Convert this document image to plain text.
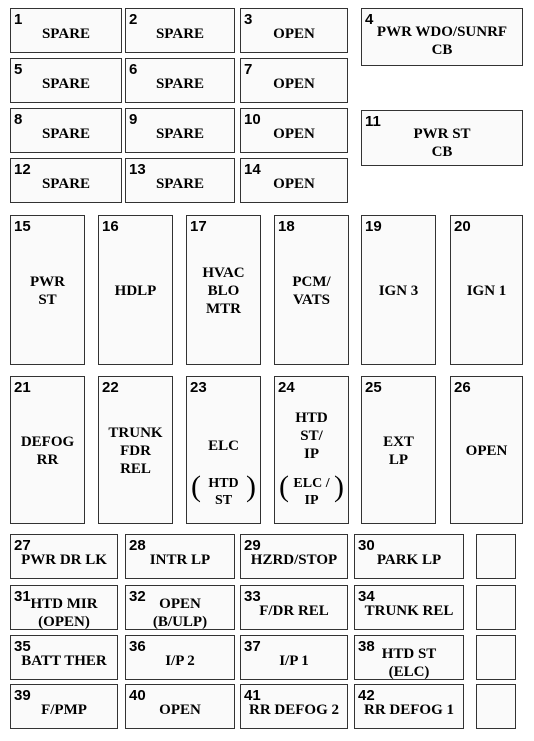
1
SPARE
2
SPARE
3
OPEN
4
PWR WDO/SUNRF
CB
5
SPARE
6
SPARE
7
OPEN
8
SPARE
9
SPARE
10
OPEN
11
PWR ST
CB
12
SPARE
13
SPARE
14
OPEN
15
PWR
ST
16
HDLP
17
HVAC
BLO
MTR
18
PCM/
VATS
19
IGN 3
20
IGN 1
21
DEFOG
RR
22
TRUNK
FDR
REL
23
ELC
HTD
ST
( )
24
HTD
ST/
IP
ELC /
IP
( )
25
EXT
LP
26
OPEN
27
PWR DR LK
28
INTR LP
29
HZRD/STOP
30
PARK LP
31 HTD MIR
(OPEN)
32 OPEN
(B/ULP)
33
F/DR REL
34
TRUNK REL
35
BATT THER
36
I/P 2
37
I/P 1
38 HTD ST
(ELC)
39
F/PMP
40
OPEN
41
RR DEFOG 2
42
RR DEFOG 1
